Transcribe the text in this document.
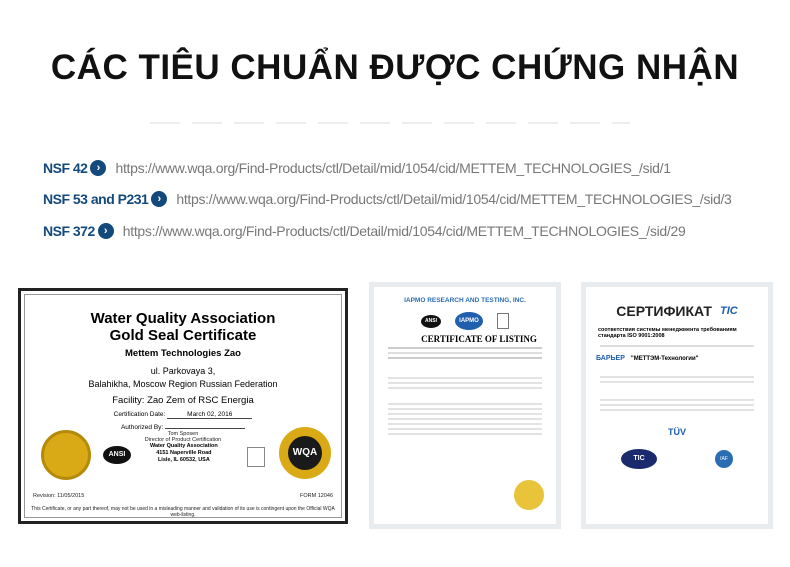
CÁC TIÊU CHUẨN ĐƯỢC CHỨNG NHẬN
NSF 42 ›	https://www.wqa.org/Find-Products/ctl/Detail/mid/1054/cid/METTEM_TECHNOLOGIES_/sid/1
NSF 53 and P231 ›	https://www.wqa.org/Find-Products/ctl/Detail/mid/1054/cid/METTEM_TECHNOLOGIES_/sid/3
NSF 372 ›	https://www.wqa.org/Find-Products/ctl/Detail/mid/1054/cid/METTEM_TECHNOLOGIES_/sid/29
Water Quality Association
Gold Seal Certificate
Mettem Technologies Zao
ul. Parkovaya 3,
Balahikha, Moscow Region Russian Federation
Facility: Zao Zem of RSC Energia
Certification Date:	March 02, 2016
Authorized By:
Tom Sposen
Director of Product Certification
ANSI
Water Quality Association
4151 Naperville Road
Lisle, IL 60532, USA
WQA
Revision: 11/05/2015	FORM 12046
This Certificate, or any part thereof, may not be used in a misleading manner and validation of its use is contingent upon the Official WQA web-listing.
IAPMO RESEARCH AND TESTING, INC.
ANSI	IAPMO
CERTIFICATE OF LISTING
СЕРТИФИКАТ TIC
соответствия системы менеджмента требованиям стандарта ISO 9001:2008
БАРЬЕР "МЕТТЭМ-Технологии"
TÜV
TIC	IAF
